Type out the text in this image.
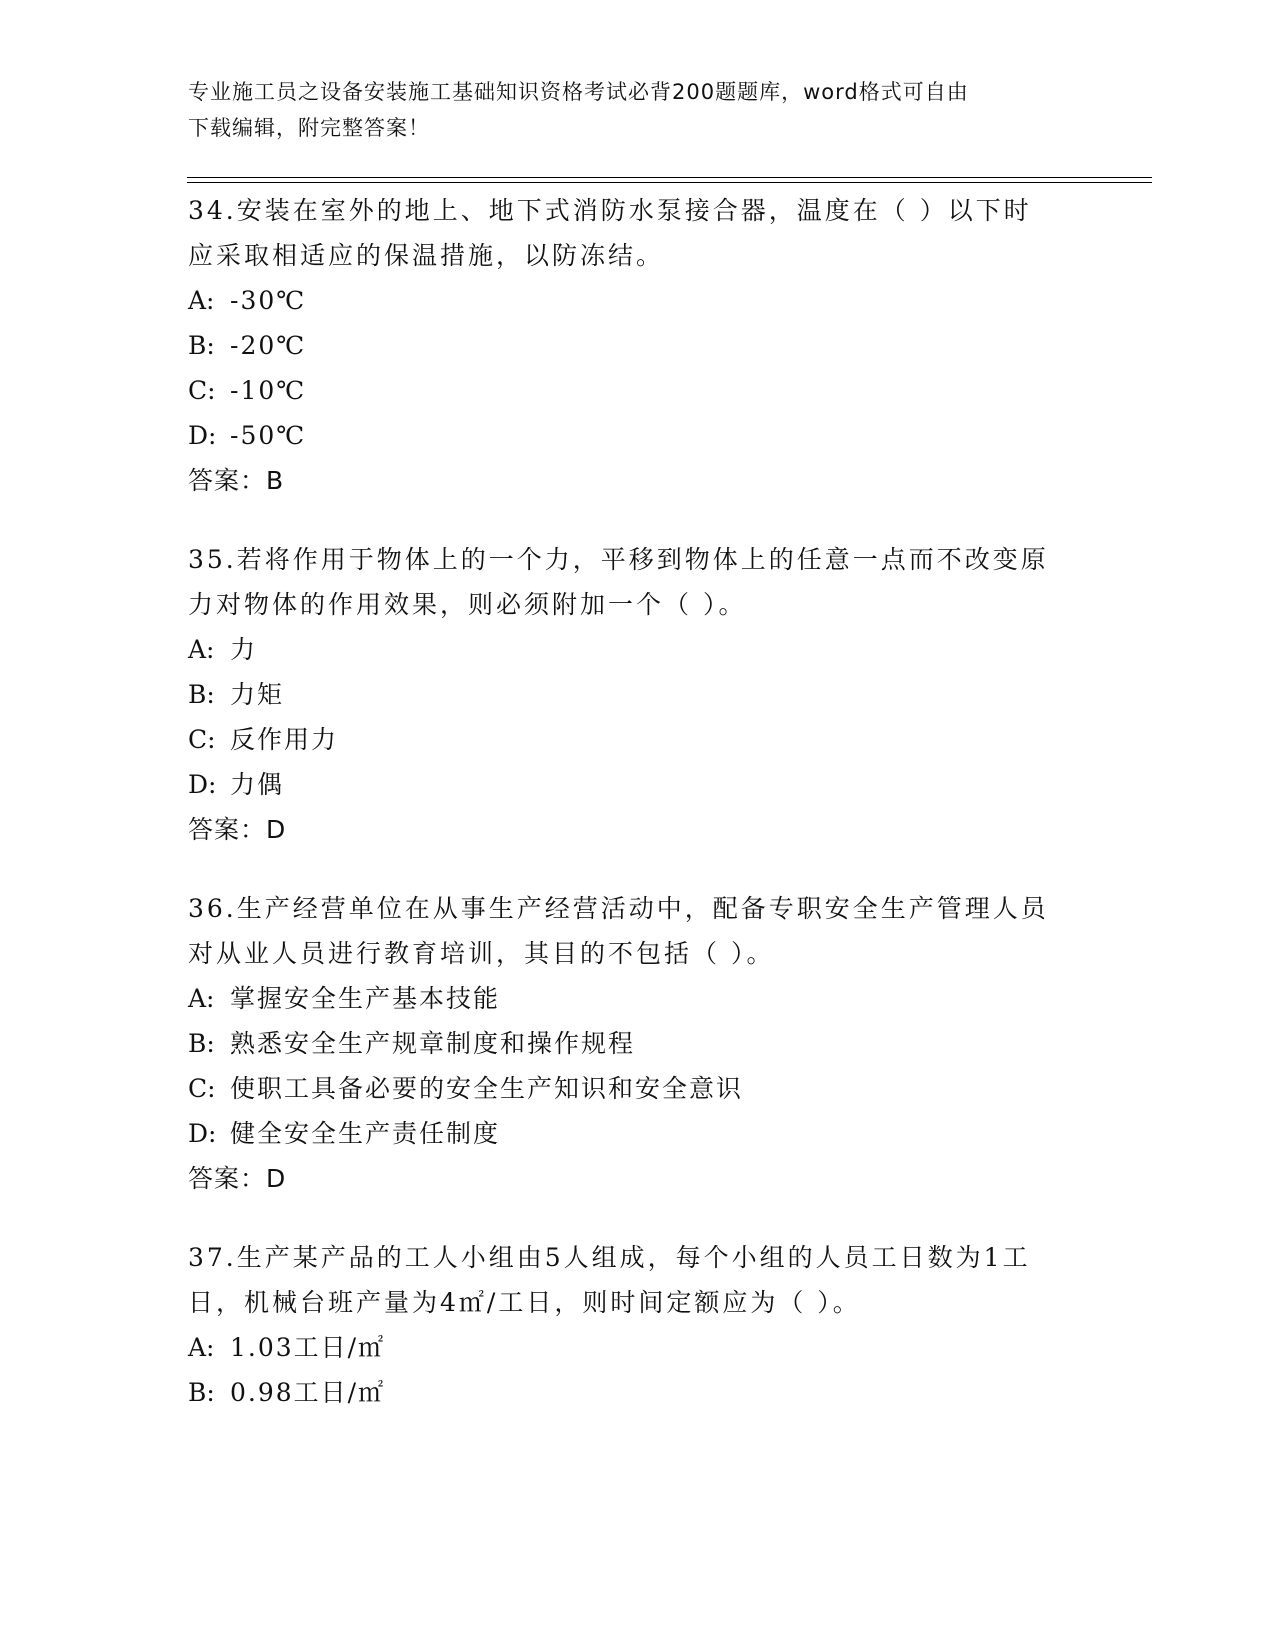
专业施工员之设备安装施工基础知识资格考试必背200题题库，word格式可自由
下载编辑，附完整答案！
34.安装在室外的地上、地下式消防水泵接合器，温度在（ ）以下时
应采取相适应的保温措施，以防冻结。
A: -30℃
B: -20℃
C: -10℃
D: -50℃
答案：B
35.若将作用于物体上的一个力，平移到物体上的任意一点而不改变原
力对物体的作用效果，则必须附加一个（ ）。
A: 力
B: 力矩
C: 反作用力
D: 力偶
答案：D
36.生产经营单位在从事生产经营活动中，配备专职安全生产管理人员
对从业人员进行教育培训，其目的不包括（ ）。
A: 掌握安全生产基本技能
B: 熟悉安全生产规章制度和操作规程
C: 使职工具备必要的安全生产知识和安全意识
D: 健全安全生产责任制度
答案：D
37.生产某产品的工人小组由5人组成，每个小组的人员工日数为1工
日，机械台班产量为4㎡/工日，则时间定额应为（ ）。
A: 1.03工日/㎡
B: 0.98工日/㎡
